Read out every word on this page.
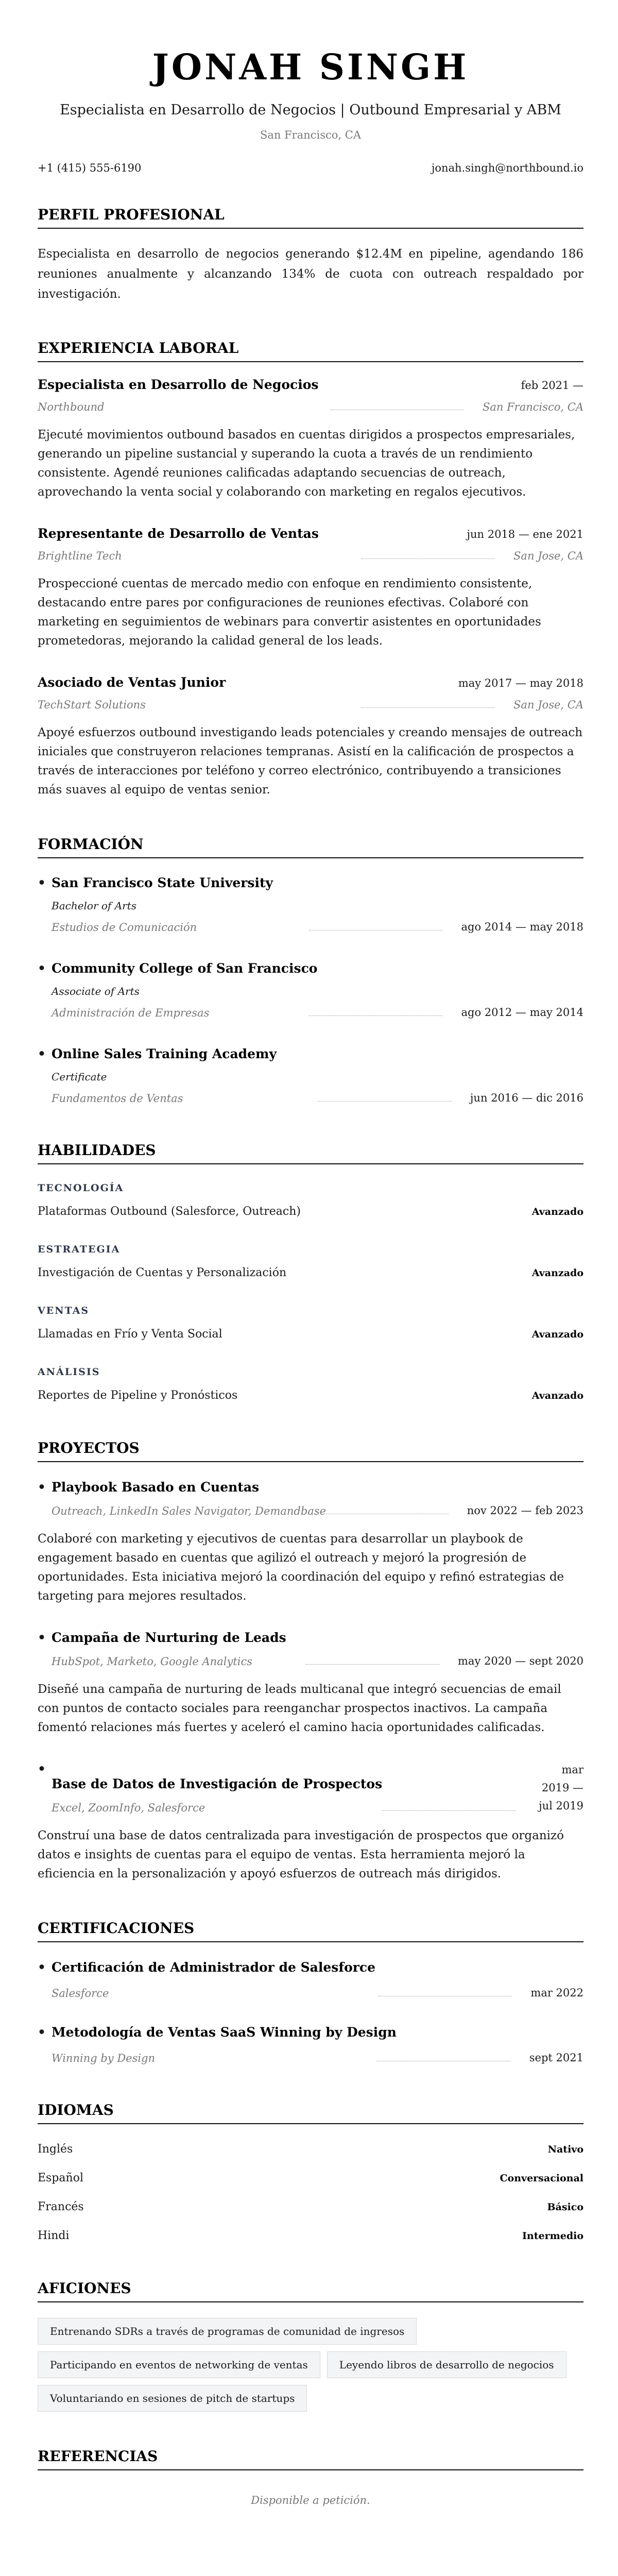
JONAH SINGH
Especialista en Desarrollo de Negocios | Outbound Empresarial y ABM
San Francisco, CA
+1 (415) 555-6190	jonah.singh@northbound.io
PERFIL PROFESIONAL

Especialista en desarrollo de negocios generando $12.4M en pipeline, agendando 186 reuniones anualmente y alcanzando 134% de cuota con outreach respaldado por investigación.

EXPERIENCIA LABORAL
Especialista en Desarrollo de Negocios	feb 2021 —
Northbound	San Francisco, CA

Ejecuté movimientos outbound basados en cuentas dirigidos a prospectos empresariales, generando un pipeline sustancial y superando la cuota a través de un rendimiento consistente. Agendé reuniones calificadas adaptando secuencias de outreach, aprovechando la venta social y colaborando con marketing en regalos ejecutivos.

Representante de Desarrollo de Ventas	jun 2018 — ene 2021
Brightline Tech	San Jose, CA

Prospeccioné cuentas de mercado medio con enfoque en rendimiento consistente, destacando entre pares por configuraciones de reuniones efectivas. Colaboré con marketing en seguimientos de webinars para convertir asistentes en oportunidades prometedoras, mejorando la calidad general de los leads.

Asociado de Ventas Junior	may 2017 — may 2018
TechStart Solutions	San Jose, CA

Apoyé esfuerzos outbound investigando leads potenciales y creando mensajes de outreach iniciales que construyeron relaciones tempranas. Asistí en la calificación de prospectos a través de interacciones por teléfono y correo electrónico, contribuyendo a transiciones más suaves al equipo de ventas senior.

FORMACIÓN
• San Francisco State University
Bachelor of Arts
Estudios de Comunicación	ago 2014 — may 2018
• Community College of San Francisco
Associate of Arts
Administración de Empresas	ago 2012 — may 2014
• Online Sales Training Academy
Certificate
Fundamentos de Ventas	jun 2016 — dic 2016
HABILIDADES
TECNOLOGÍA
Plataformas Outbound (Salesforce, Outreach)	Avanzado
ESTRATEGIA
Investigación de Cuentas y Personalización	Avanzado
VENTAS
Llamadas en Frío y Venta Social	Avanzado
ANÁLISIS
Reportes de Pipeline y Pronósticos	Avanzado
PROYECTOS
• Playbook Basado en Cuentas
Outreach, LinkedIn Sales Navigator, Demandbase	nov 2022 — feb 2023

Colaboré con marketing y ejecutivos de cuentas para desarrollar un playbook de engagement basado en cuentas que agilizó el outreach y mejoró la progresión de oportunidades. Esta iniciativa mejoró la coordinación del equipo y refinó estrategias de targeting para mejores resultados.

• Campaña de Nurturing de Leads
HubSpot, Marketo, Google Analytics	may 2020 — sept 2020

Diseñé una campaña de nurturing de leads multicanal que integró secuencias de email con puntos de contacto sociales para reenganchar prospectos inactivos. La campaña fomentó relaciones más fuertes y aceleró el camino hacia oportunidades calificadas.

•
Base de Datos de Investigación de Prospectos
Excel, ZoomInfo, Salesforce
mar 2019 — jul 2019

Construí una base de datos centralizada para investigación de prospectos que organizó datos e insights de cuentas para el equipo de ventas. Esta herramienta mejoró la eficiencia en la personalización y apoyó esfuerzos de outreach más dirigidos.

CERTIFICACIONES
• Certificación de Administrador de Salesforce
Salesforce	mar 2022
• Metodología de Ventas SaaS Winning by Design
Winning by Design	sept 2021
IDIOMAS
Inglés	Nativo
Español	Conversacional
Francés	Básico
Hindi	Intermedio
AFICIONES
Entrenando SDRs a través de programas de comunidad de ingresos
Participando en eventos de networking de ventas	Leyendo libros de desarrollo de negocios
Voluntariando en sesiones de pitch de startups
REFERENCIAS

Disponible a petición.
